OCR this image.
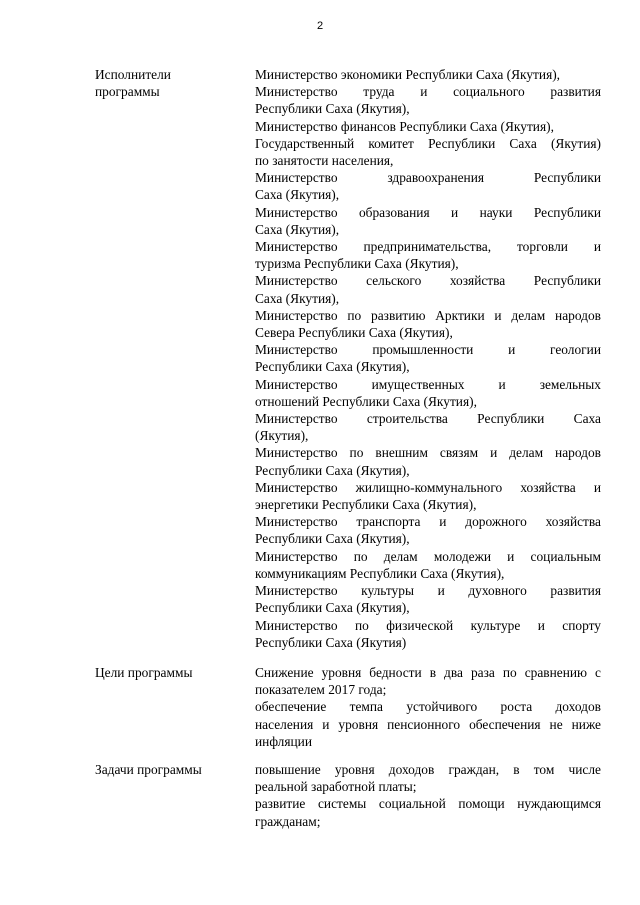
2
Исполнители
программы
Министерство экономики Республики Саха (Якутия),
Министерство труда и социального развития
Республики Саха (Якутия),
Министерство финансов Республики Саха (Якутия),
Государственный комитет Республики Саха (Якутия)
по занятости населения,
Министерство здравоохранения Республики
Саха (Якутия),
Министерство образования и науки Республики
Саха (Якутия),
Министерство предпринимательства, торговли и
туризма Республики Саха (Якутия),
Министерство сельского хозяйства Республики
Саха (Якутия),
Министерство по развитию Арктики и делам народов
Севера Республики Саха (Якутия),
Министерство промышленности и геологии
Республики Саха (Якутия),
Министерство имущественных и земельных
отношений Республики Саха (Якутия),
Министерство строительства Республики Саха
(Якутия),
Министерство по внешним связям и делам народов
Республики Саха (Якутия),
Министерство жилищно-коммунального хозяйства и
энергетики Республики Саха (Якутия),
Министерство транспорта и дорожного хозяйства
Республики Саха (Якутия),
Министерство по делам молодежи и социальным
коммуникациям Республики Саха (Якутия),
Министерство культуры и духовного развития
Республики Саха (Якутия),
Министерство по физической культуре и спорту
Республики Саха (Якутия)
Цели программы	Снижение уровня бедности в два раза по сравнению с
показателем 2017 года;
обеспечение темпа устойчивого роста доходов
населения и уровня пенсионного обеспечения не ниже
инфляции
Задачи программы	повышение уровня доходов граждан, в том числе
реальной заработной платы;
развитие системы социальной помощи нуждающимся
гражданам;
